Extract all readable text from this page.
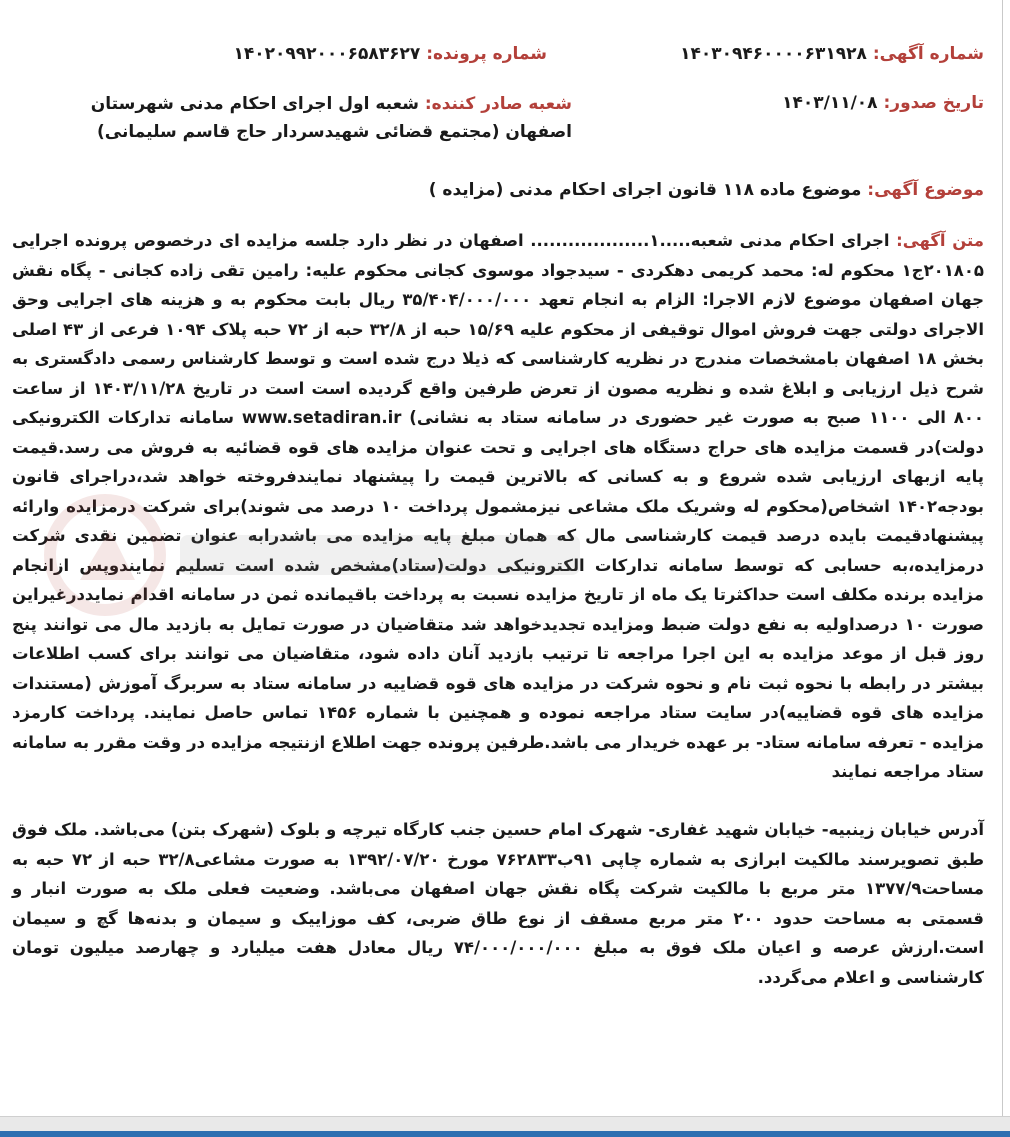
شماره آگهی: ۱۴۰۳۰۹۴۶۰۰۰۰۶۳۱۹۲۸
شماره پرونده: ۱۴۰۲۰۹۹۲۰۰۰۶۵۸۳۶۲۷
تاریخ صدور: ۱۴۰۳/۱۱/۰۸
شعبه صادر کننده: شعبه اول اجرای احکام مدنی شهرستان اصفهان (مجتمع قضائی شهیدسردار حاج قاسم سلیمانی)
موضوع آگهی: موضوع ماده ۱۱۸ قانون اجرای احکام مدنی (مزایده )
متن آگهی: اجرای احکام مدنی شعبه.....۱................... اصفهان در نظر دارد جلسه مزایده ای درخصوص پرونده اجرایی ۲۰۱۸۰۵ج۱ محکوم له: محمد کریمی دهکردی - سیدجواد موسوی کجانی محکوم علیه: رامین تقی زاده کجانی - پگاه نقش جهان اصفهان موضوع لازم الاجرا: الزام به انجام تعهد ۳۵/۴۰۴/۰۰۰/۰۰۰ ریال بابت محکوم به و هزینه های اجرایی وحق الاجرای دولتی جهت فروش اموال توقیفی از محکوم علیه ۱۵/۶۹ حبه از ۳۲/۸ حبه از ۷۲ حبه پلاک ۱۰۹۴ فرعی از ۴۳ اصلی بخش ۱۸ اصفهان بامشخصات مندرج در نظریه کارشناسی که ذیلا درج شده است و توسط کارشناس رسمی دادگستری به شرح ذیل ارزیابی و ابلاغ شده و نظریه مصون از تعرض طرفین واقع گردیده است است در تاریخ ۱۴۰۳/۱۱/۲۸ از ساعت ۸۰۰ الی ۱۱۰۰ صبح به صورت غیر حضوری در سامانه ستاد به نشانی) www.setadiran.ir سامانه تدارکات الکترونیکی دولت)در قسمت مزایده های حراج دستگاه های اجرایی و تحت عنوان مزایده های قوه قضائیه به فروش می رسد.قیمت پایه ازبهای ارزیابی شده شروع و به کسانی که بالاترین قیمت را پیشنهاد نمایندفروخته خواهد شد،دراجرای قانون بودجه۱۴۰۲ اشخاص(محکوم له وشریک ملک مشاعی نیزمشمول پرداخت ۱۰ درصد می شوند)برای شرکت درمزایده وارائه پیشنهادقیمت بایده درصد قیمت کارشناسی مال که همان مبلغ پایه مزایده می باشدرابه عنوان تضمین نقدی شرکت درمزایده،به حسابی که توسط سامانه تدارکات الکترونیکی دولت(ستاد)مشخص شده است تسلیم نمایندوپس ازانجام مزایده برنده مکلف است حداکثرتا یک ماه از تاریخ مزایده نسبت به پرداخت باقیمانده ثمن در سامانه اقدام نمایددرغیراین صورت ۱۰ درصداولیه به نفع دولت ضبط ومزایده تجدیدخواهد شد متقاضیان در صورت تمایل به بازدید مال می توانند پنج روز قبل از موعد مزایده به این اجرا مراجعه تا ترتیب بازدید آنان داده شود، متقاضیان می توانند برای کسب اطلاعات بیشتر در رابطه با نحوه ثبت نام و نحوه شرکت در مزایده های قوه قضاییه در سامانه ستاد به سربرگ آموزش (مستندات مزایده های قوه قضاییه)در سایت ستاد مراجعه نموده و همچنین با شماره ۱۴۵۶ تماس حاصل نمایند. پرداخت کارمزد مزایده - تعرفه سامانه ستاد- بر عهده خریدار می باشد.طرفین پرونده جهت اطلاع ازنتیجه مزایده در وقت مقرر به سامانه ستاد مراجعه نمایند
آدرس خیابان زینبیه- خیابان شهید غفاری- شهرک امام حسین جنب کارگاه تیرچه و بلوک (شهرک بتن) می‌باشد. ملک فوق طبق تصویرسند مالکیت ابرازی به شماره چاپی ۹۱ب۷۶۲۸۳۳ مورخ ۱۳۹۲/۰۷/۲۰ به صورت مشاعی۳۲/۸ حبه از ۷۲ حبه به مساحت۱۳۷۷/۹ متر مربع با مالکیت شرکت پگاه نقش جهان اصفهان می‌باشد. وضعیت فعلی ملک به صورت انبار و قسمتی به مساحت حدود ۲۰۰ متر مربع مسقف از نوع طاق ضربی، کف موزاییک و سیمان و بدنه‌ها گچ و سیمان است.ارزش عرصه و اعیان ملک فوق به مبلغ ۷۴/۰۰۰/۰۰۰/۰۰۰ ریال معادل هفت میلیارد و چهارصد میلیون تومان کارشناسی و اعلام می‌گردد.
